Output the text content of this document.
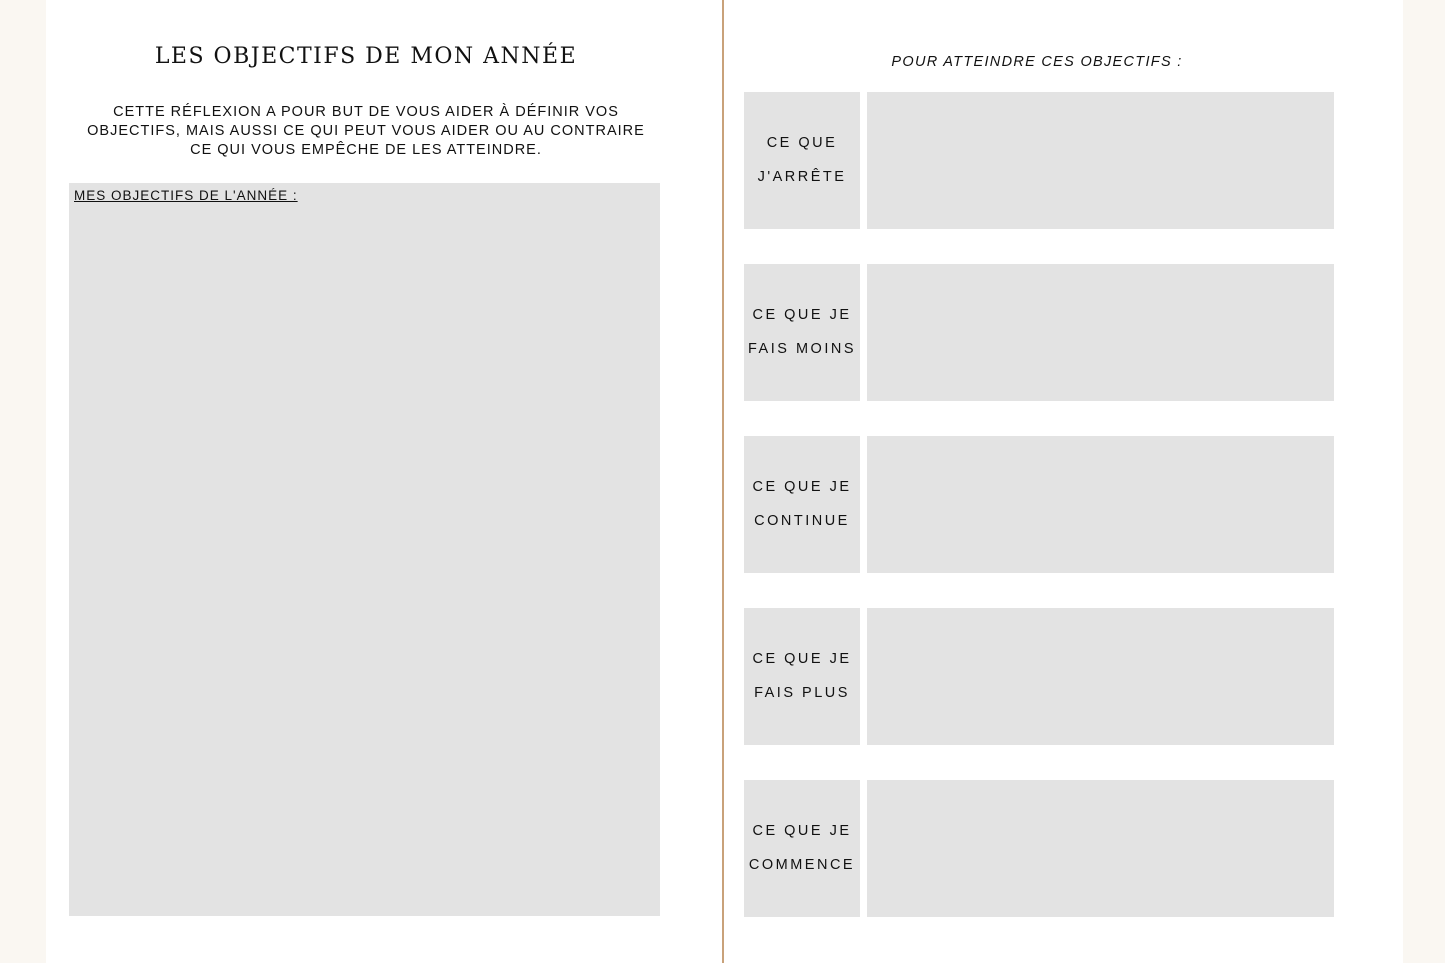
LES OBJECTIFS DE MON ANNÉE

CETTE RÉFLEXION A POUR BUT DE VOUS AIDER À DÉFINIR VOS
OBJECTIFS, MAIS AUSSI CE QUI PEUT VOUS AIDER OU AU CONTRAIRE
CE QUI VOUS EMPÊCHE DE LES ATTEINDRE.

MES OBJECTIFS DE L'ANNÉE :

POUR ATTEINDRE CES OBJECTIFS :

CE QUE

J'ARRÊTE
CE QUE JE

FAIS MOINS
CE QUE JE

CONTINUE
CE QUE JE

FAIS PLUS
CE QUE JE

COMMENCE
